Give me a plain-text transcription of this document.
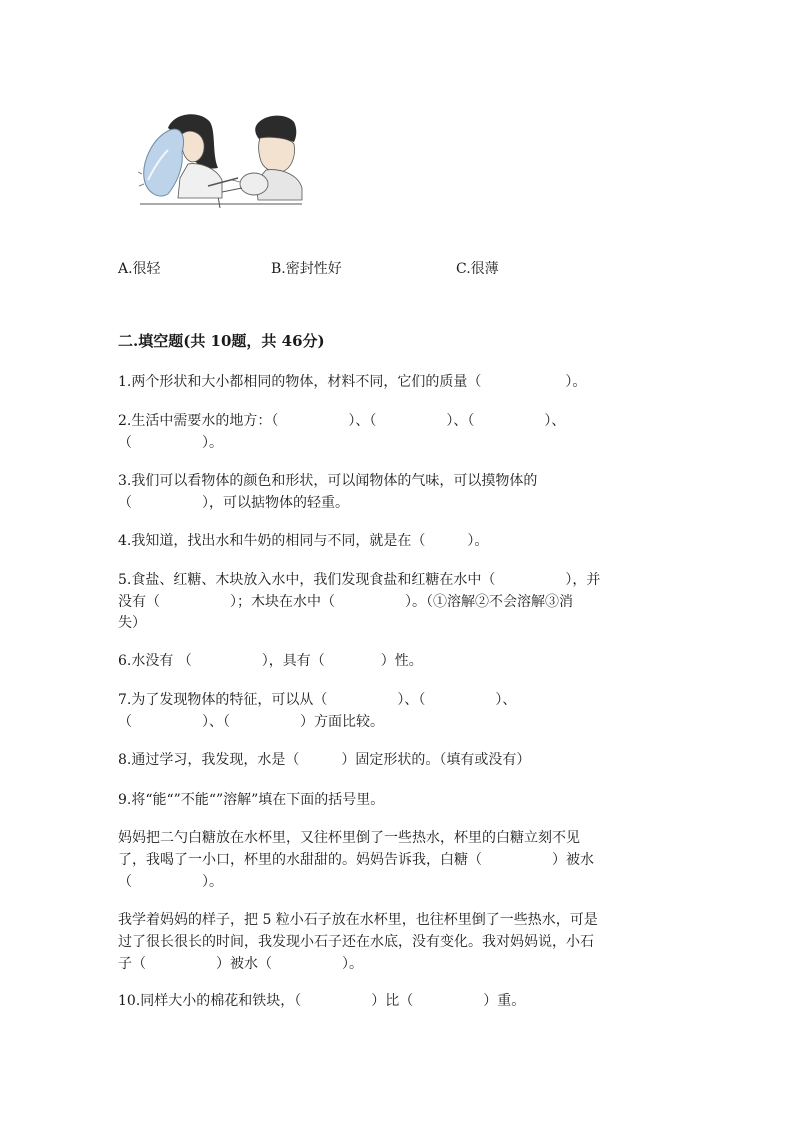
A.很轻	B.密封性好	C.很薄
二.填空题(共 10题，共 46分)
1.两个形状和大小都相同的物体，材料不同，它们的质量（　　　　　　）。
2.生活中需要水的地方：（　　　　　）、（　　　　　）、（　　　　　）、
（　　　　　）。
3.我们可以看物体的颜色和形状，可以闻物体的气味，可以摸物体的
（　　　　　），可以掂物体的轻重。
4.我知道，找出水和牛奶的相同与不同，就是在（　　　）。
5.食盐、红糖、木块放入水中，我们发现食盐和红糖在水中（　　　　　），并
没有（　　　　　）；木块在水中（　　　　　）。（①溶解②不会溶解③消
失）
6.水没有 （　　　　　），具有（　　　　）性。
7.为了发现物体的特征，可以从（　　　　　）、（　　　　　）、
（　　　　　）、（　　　　　）方面比较。
8.通过学习，我发现，水是（　　　）固定形状的。（填有或没有）
9.将“能“”不能“”溶解”填在下面的括号里。
妈妈把二勺白糖放在水杯里，又往杯里倒了一些热水，杯里的白糖立刻不见
了，我喝了一小口，杯里的水甜甜的。妈妈告诉我，白糖（　　　　　）被水
（　　　　　）。
我学着妈妈的样子，把 5 粒小石子放在水杯里，也往杯里倒了一些热水，可是
过了很长很长的时间，我发现小石子还在水底，没有变化。我对妈妈说，小石
子（　　　　　）被水（　　　　　）。
10.同样大小的棉花和铁块，（　　　　　）比（　　　　　）重。
